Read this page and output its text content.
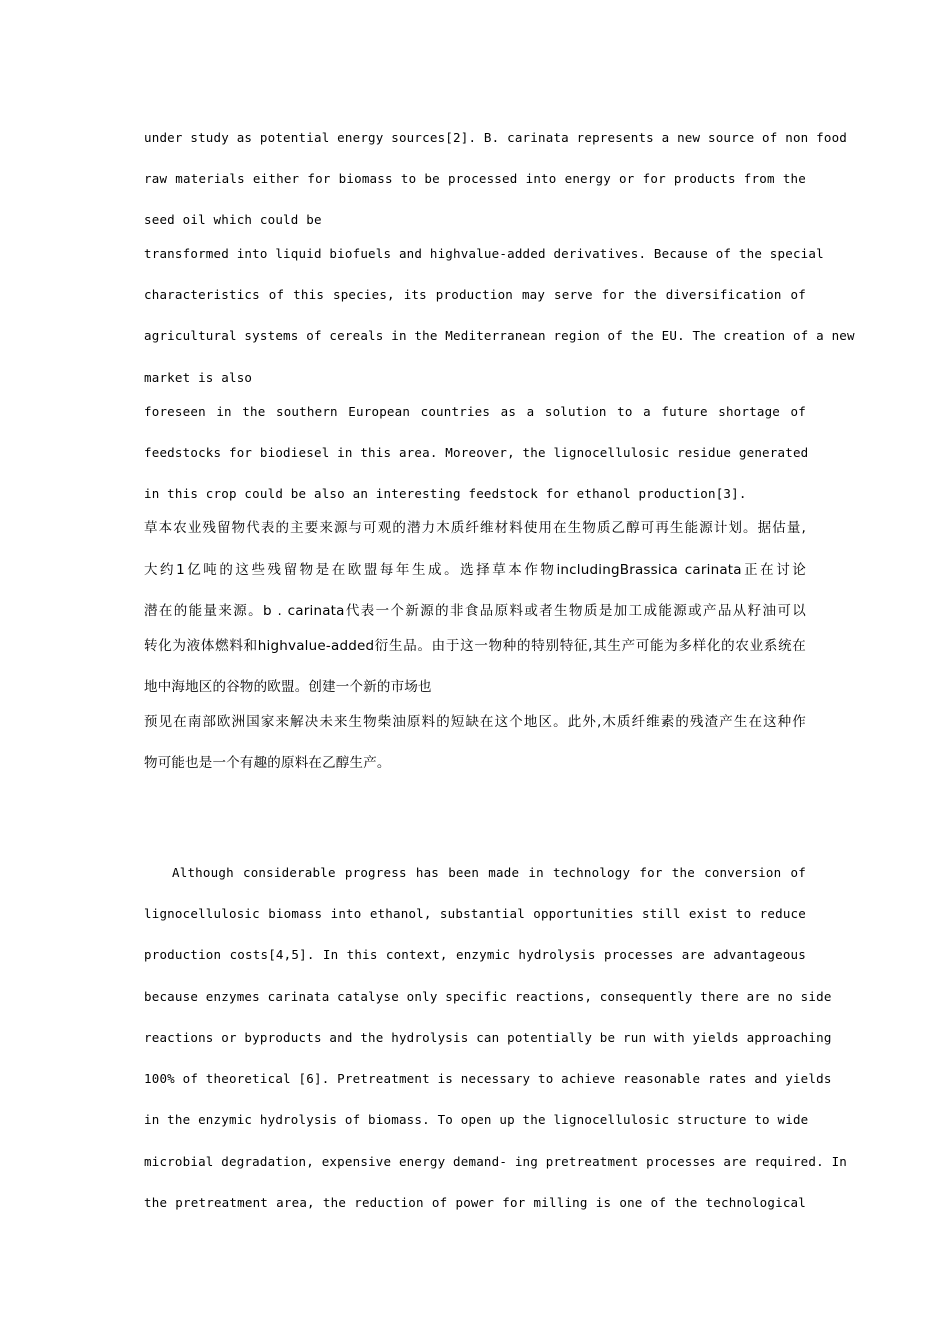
under study as potential energy sources[2]. B. carinata represents a new source of non food
raw materials either for biomass to be processed into energy or for products from the
seed oil which could be
transformed into liquid biofuels and highvalue-added derivatives. Because of the special
characteristics of this species, its production may serve for the diversification of
agricultural systems of cereals in the Mediterranean region of the EU. The creation of a new
market is also
foreseen in the southern European countries as a solution to a future shortage of
feedstocks for biodiesel in this area. Moreover, the lignocellulosic residue generated
in this crop could be also an interesting feedstock for ethanol production[3].
草本农业残留物代表的主要来源与可观的潜力木质纤维材料使用在生物质乙醇可再生能源计划。据估量,
大约1亿吨的这些残留物是在欧盟每年生成。选择草本作物includingBrassica carinata正在讨论
潜在的能量来源。b . carinata代表一个新源的非食品原料或者生物质是加工成能源或产品从籽油可以
转化为液体燃料和highvalue-added衍生品。由于这一物种的特别特征,其生产可能为多样化的农业系统在
地中海地区的谷物的欧盟。创建一个新的市场也
预见在南部欧洲国家来解决未来生物柴油原料的短缺在这个地区。此外,木质纤维素的残渣产生在这种作
物可能也是一个有趣的原料在乙醇生产。
Although considerable progress has been made in technology for the conversion of
lignocellulosic biomass into ethanol, substantial opportunities still exist to reduce
production costs[4,5]. In this context, enzymic hydrolysis processes are advantageous
because enzymes carinata catalyse only specific reactions, consequently there are no side
reactions or byproducts and the hydrolysis can potentially be run with yields approaching
100% of theoretical [6]. Pretreatment is necessary to achieve reasonable rates and yields
in the enzymic hydrolysis of biomass. To open up the lignocellulosic structure to wide
microbial degradation, expensive energy demand- ing pretreatment processes are required. In
the pretreatment area, the reduction of power for milling is one of the technological
